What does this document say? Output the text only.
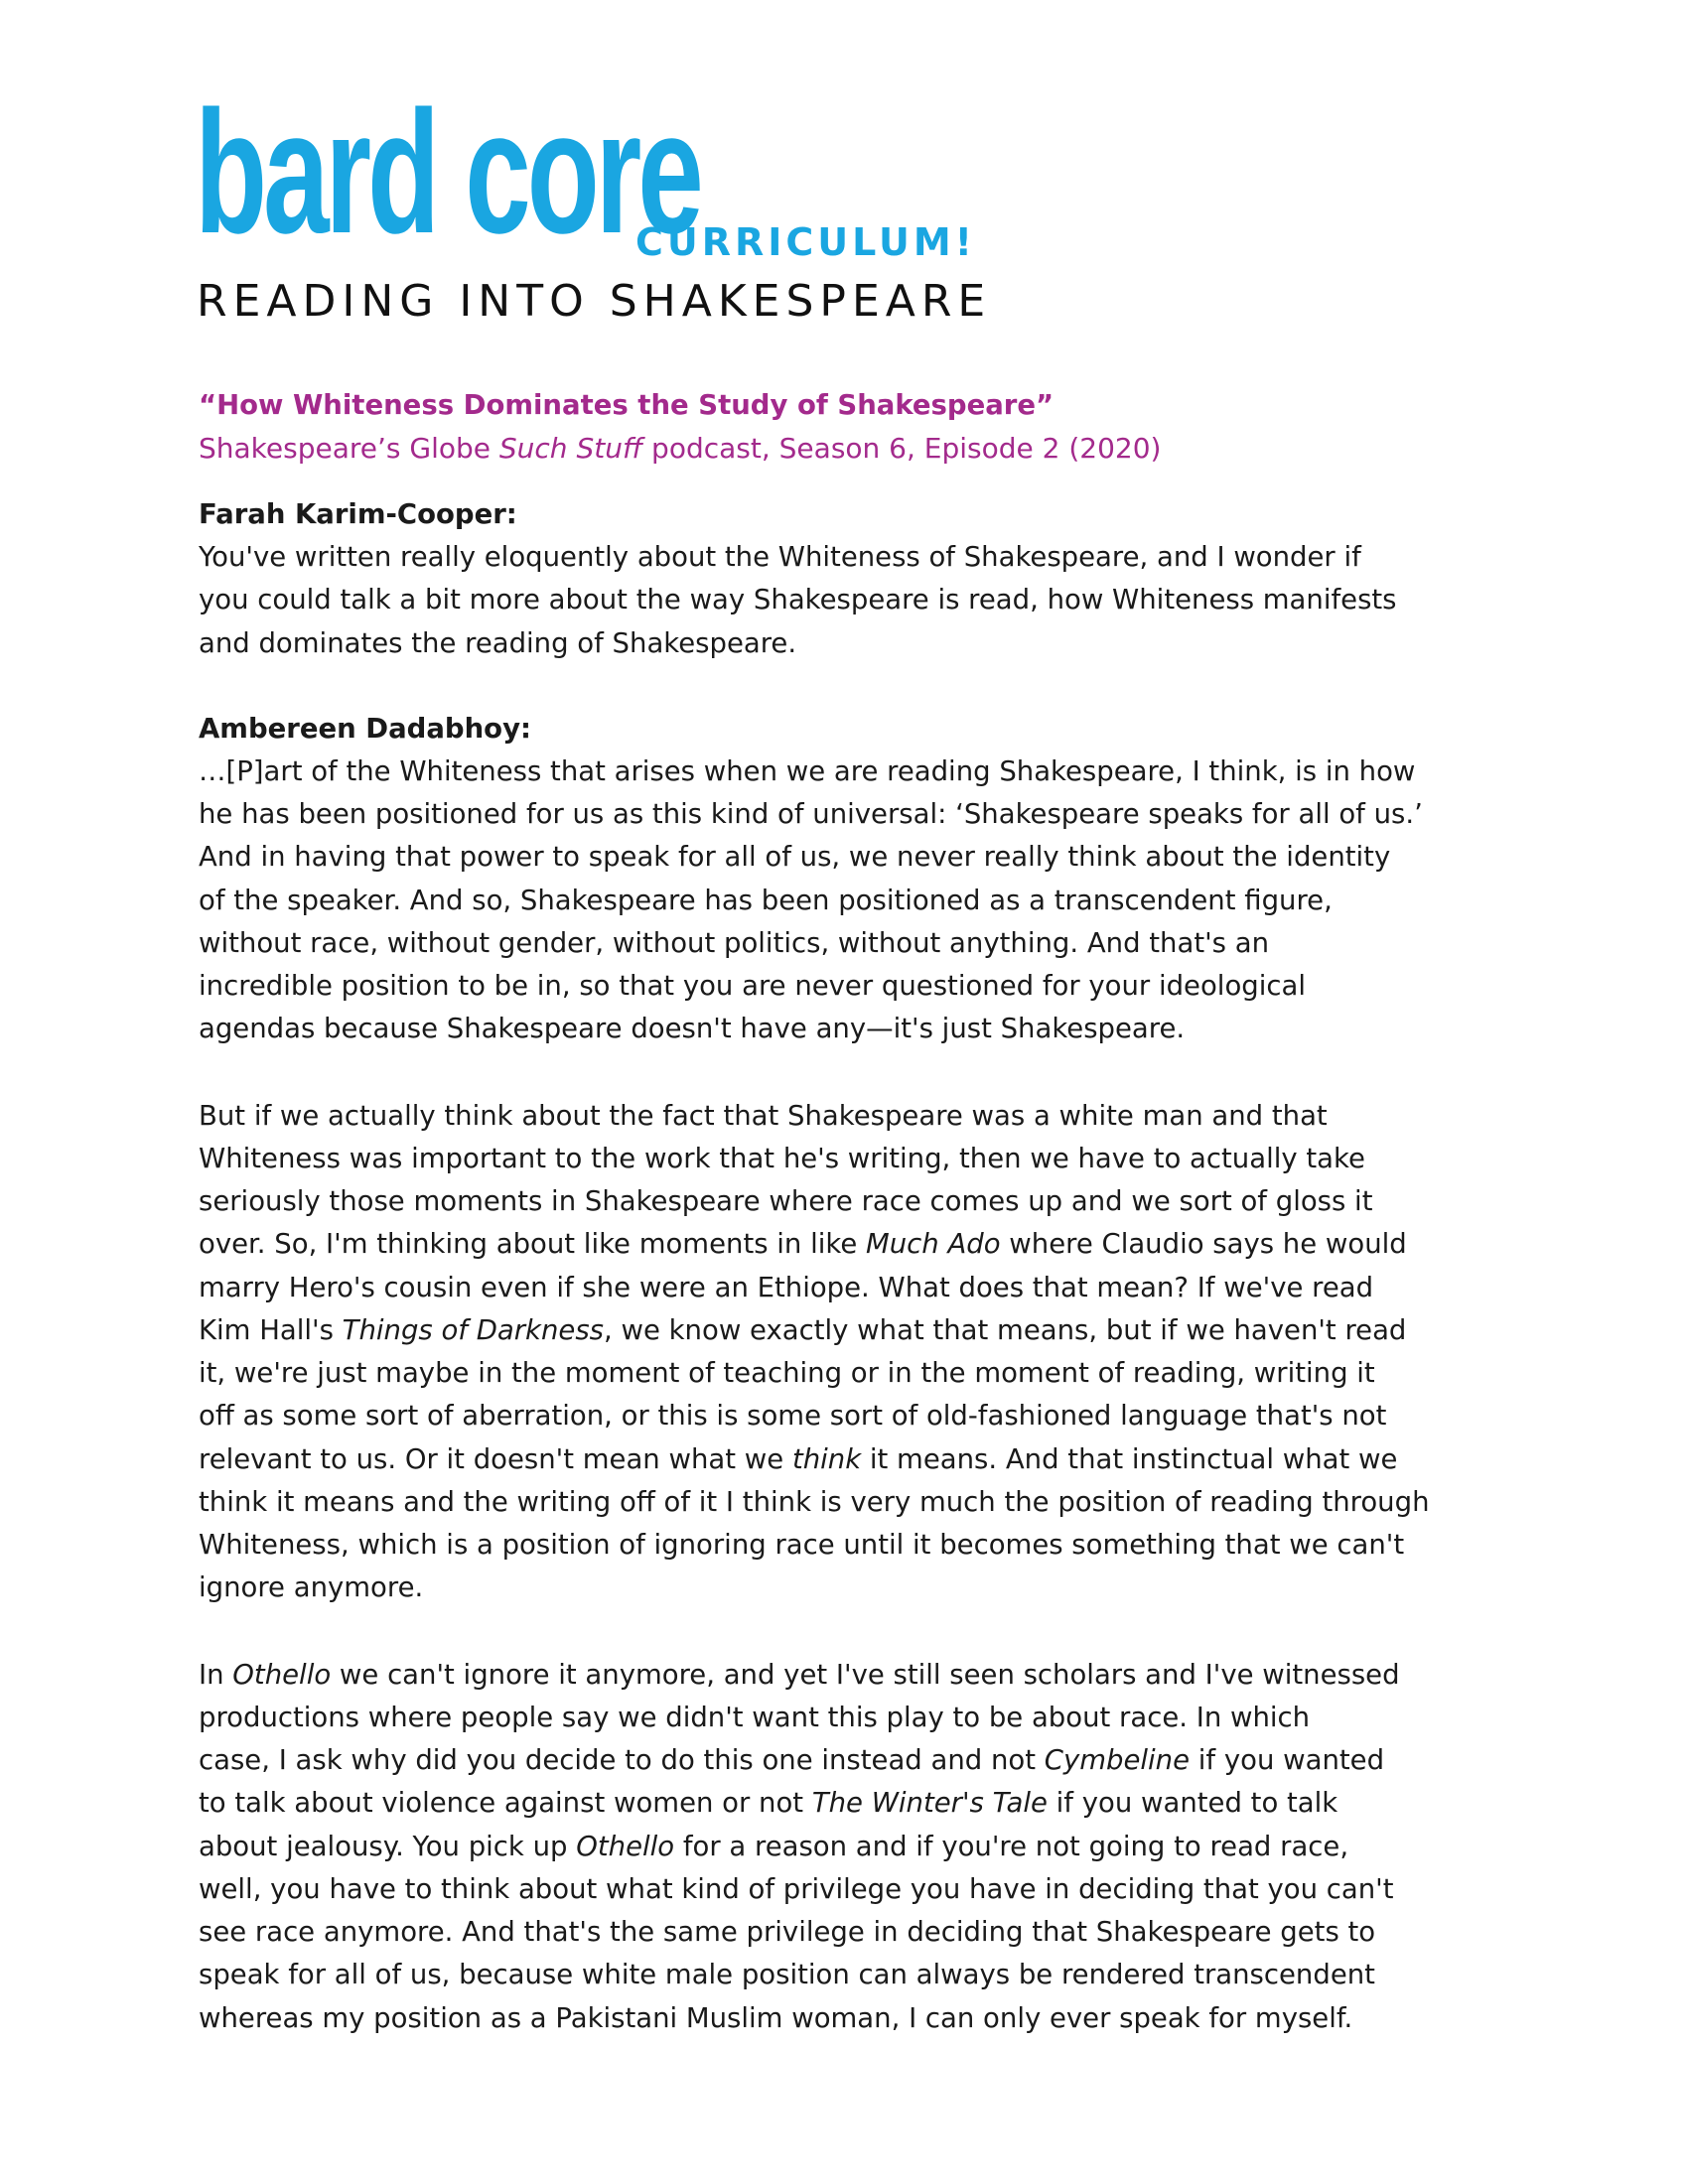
bard core
CURRICULUM!
READING INTO SHAKESPEARE
“How Whiteness Dominates the Study of Shakespeare”
Shakespeare’s Globe Such Stuff podcast, Season 6, Episode 2 (2020)

Farah Karim-Cooper:

You've written really eloquently about the Whiteness of Shakespeare, and I wonder if

you could talk a bit more about the way Shakespeare is read, how Whiteness manifests

and dominates the reading of Shakespeare.

Ambereen Dadabhoy:

…[P]art of the Whiteness that arises when we are reading Shakespeare, I think, is in how

he has been positioned for us as this kind of universal: ‘Shakespeare speaks for all of us.’

And in having that power to speak for all of us, we never really think about the identity

of the speaker. And so, Shakespeare has been positioned as a transcendent figure,

without race, without gender, without politics, without anything. And that's an

incredible position to be in, so that you are never questioned for your ideological

agendas because Shakespeare doesn't have any—it's just Shakespeare.

But if we actually think about the fact that Shakespeare was a white man and that

Whiteness was important to the work that he's writing, then we have to actually take

seriously those moments in Shakespeare where race comes up and we sort of gloss it

over. So, I'm thinking about like moments in like Much Ado where Claudio says he would

marry Hero's cousin even if she were an Ethiope. What does that mean? If we've read

Kim Hall's Things of Darkness, we know exactly what that means, but if we haven't read

it, we're just maybe in the moment of teaching or in the moment of reading, writing it

off as some sort of aberration, or this is some sort of old-fashioned language that's not

relevant to us. Or it doesn't mean what we think it means. And that instinctual what we

think it means and the writing off of it I think is very much the position of reading through

Whiteness, which is a position of ignoring race until it becomes something that we can't

ignore anymore.

In Othello we can't ignore it anymore, and yet I've still seen scholars and I've witnessed

productions where people say we didn't want this play to be about race. In which

case, I ask why did you decide to do this one instead and not Cymbeline if you wanted

to talk about violence against women or not The Winter's Tale if you wanted to talk

about jealousy. You pick up Othello for a reason and if you're not going to read race,

well, you have to think about what kind of privilege you have in deciding that you can't

see race anymore. And that's the same privilege in deciding that Shakespeare gets to

speak for all of us, because white male position can always be rendered transcendent

whereas my position as a Pakistani Muslim woman, I can only ever speak for myself.
